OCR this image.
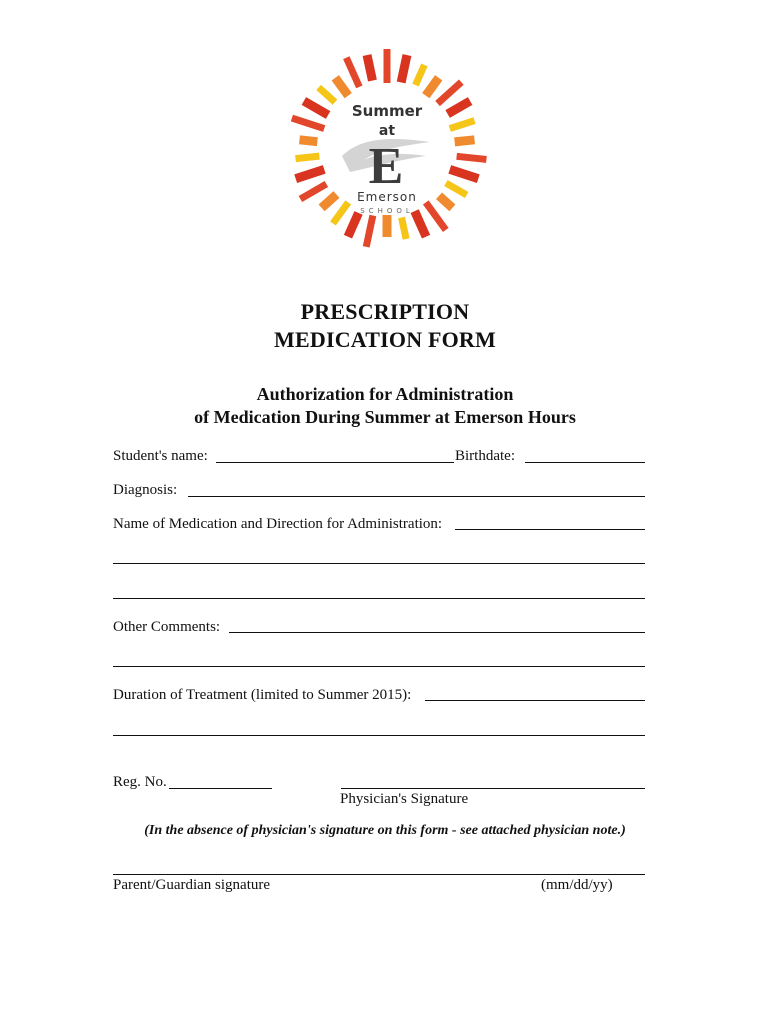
Summer
at
E
Emerson
SCHOOL
PRESCRIPTION
MEDICATION FORM
Authorization for Administration
of Medication During Summer at Emerson Hours
Student's name:	Birthdate:
Diagnosis:
Name of Medication and Direction for Administration:
Other Comments:
Duration of Treatment (limited to Summer 2015):
Reg. No.
Physician's Signature
(In the absence of physician's signature on this form - see attached physician note.)
Parent/Guardian signature	(mm/dd/yy)
